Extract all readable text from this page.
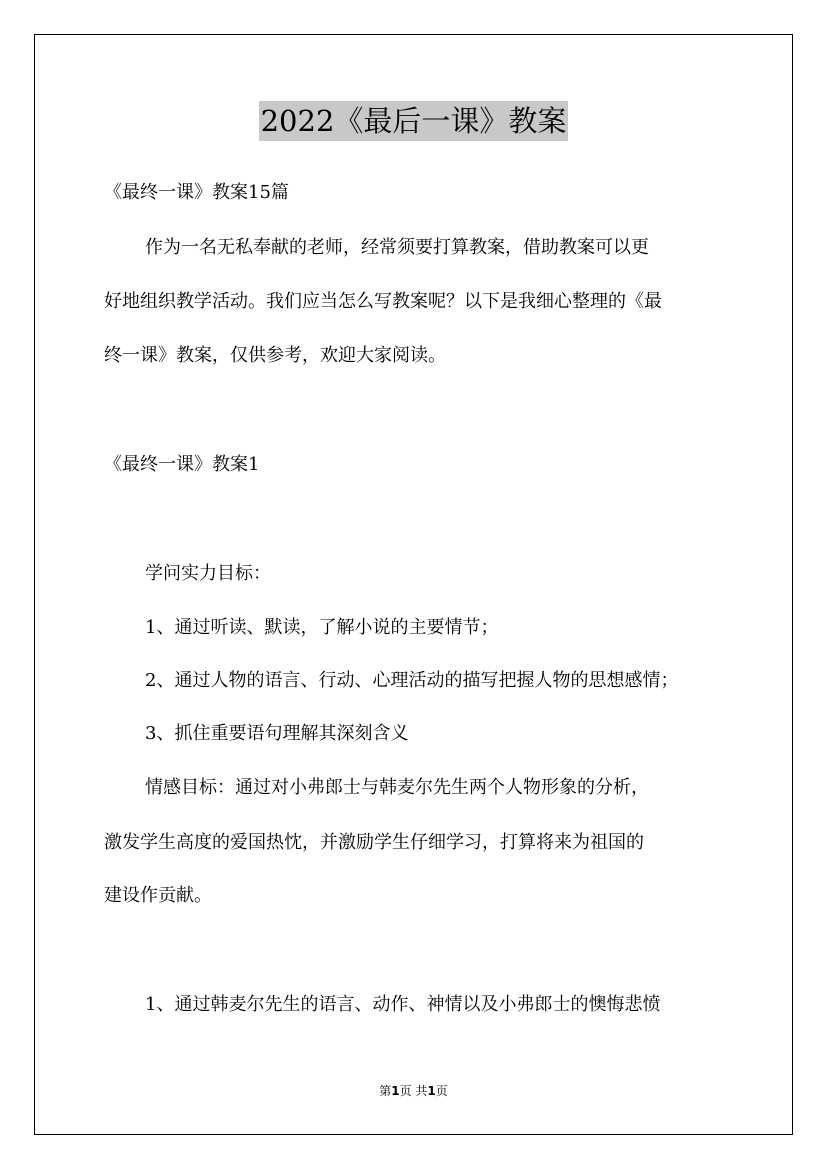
2022《最后一课》教案
《最终一课》教案15篇
作为一名无私奉献的老师，经常须要打算教案，借助教案可以更
好地组织教学活动。我们应当怎么写教案呢？以下是我细心整理的《最
终一课》教案，仅供参考，欢迎大家阅读。
《最终一课》教案1
学问实力目标：
1、通过听读、默读，了解小说的主要情节；
2、通过人物的语言、行动、心理活动的描写把握人物的思想感情；
3、抓住重要语句理解其深刻含义
情感目标：通过对小弗郎士与韩麦尔先生两个人物形象的分析，
激发学生高度的爱国热忱，并激励学生仔细学习，打算将来为祖国的
建设作贡献。
1、通过韩麦尔先生的语言、动作、神情以及小弗郎士的懊悔悲愤
第1页 共1页
